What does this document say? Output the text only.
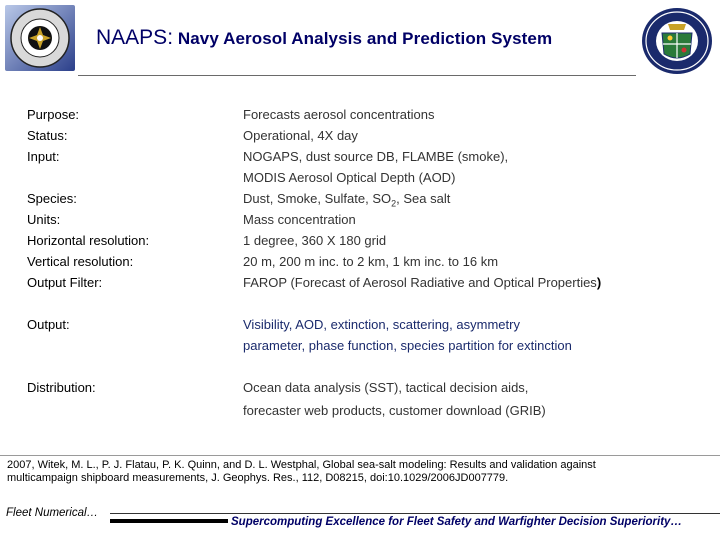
NAAPS: Navy Aerosol Analysis and Prediction System
Purpose:	Forecasts aerosol concentrations
Status:	Operational, 4X day
Input:	NOGAPS, dust source DB, FLAMBE (smoke),
MODIS Aerosol Optical Depth (AOD)
Species:	Dust, Smoke, Sulfate, $SO_2$, Sea salt
Units:	Mass concentration
Horizontal resolution:	1 degree, 360 X 180 grid
Vertical resolution:	20 m, 200 m inc. to 2 km, 1 km inc. to 16 km
Output Filter:	FAROP (Forecast of Aerosol Radiative and Optical Properties)
Output:	Visibility, AOD, extinction, scattering, asymmetry
parameter, phase function, species partition for extinction
Distribution:	Ocean data analysis (SST), tactical decision aids,
forecaster web products, customer download (GRIB)
2007, Witek, M. L., P. J. Flatau, P. K. Quinn, and D. L. Westphal, Global sea-salt modeling: Results and validation against
multicampaign shipboard measurements, J. Geophys. Res., 112, D08215, doi:10.1029/2006JD007779.
Fleet Numerical…
Supercomputing Excellence for Fleet Safety and Warfighter Decision Superiority…
